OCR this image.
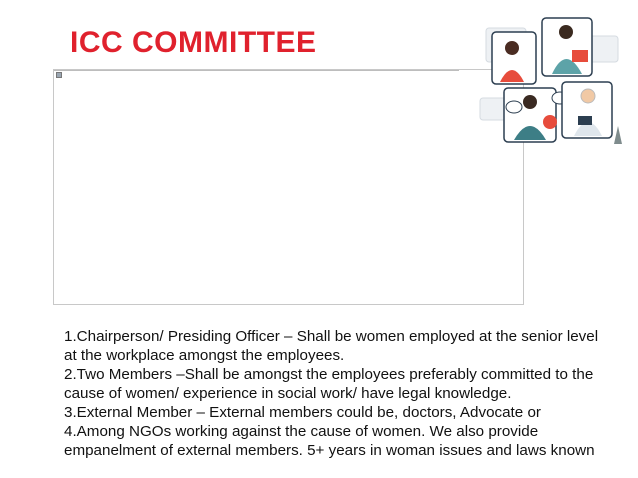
ICC COMMITTEE

1.Chairperson/ Presiding Officer – Shall be women employed at the senior level at the workplace amongst the employees.

2.Two Members –Shall be amongst the employees preferably committed to the cause of women/ experience in social work/ have legal knowledge.

3.External Member – External members could be, doctors, Advocate or

4.Among NGOs working against the cause of women. We also provide empanelment of external members. 5+ years in woman issues and laws known
